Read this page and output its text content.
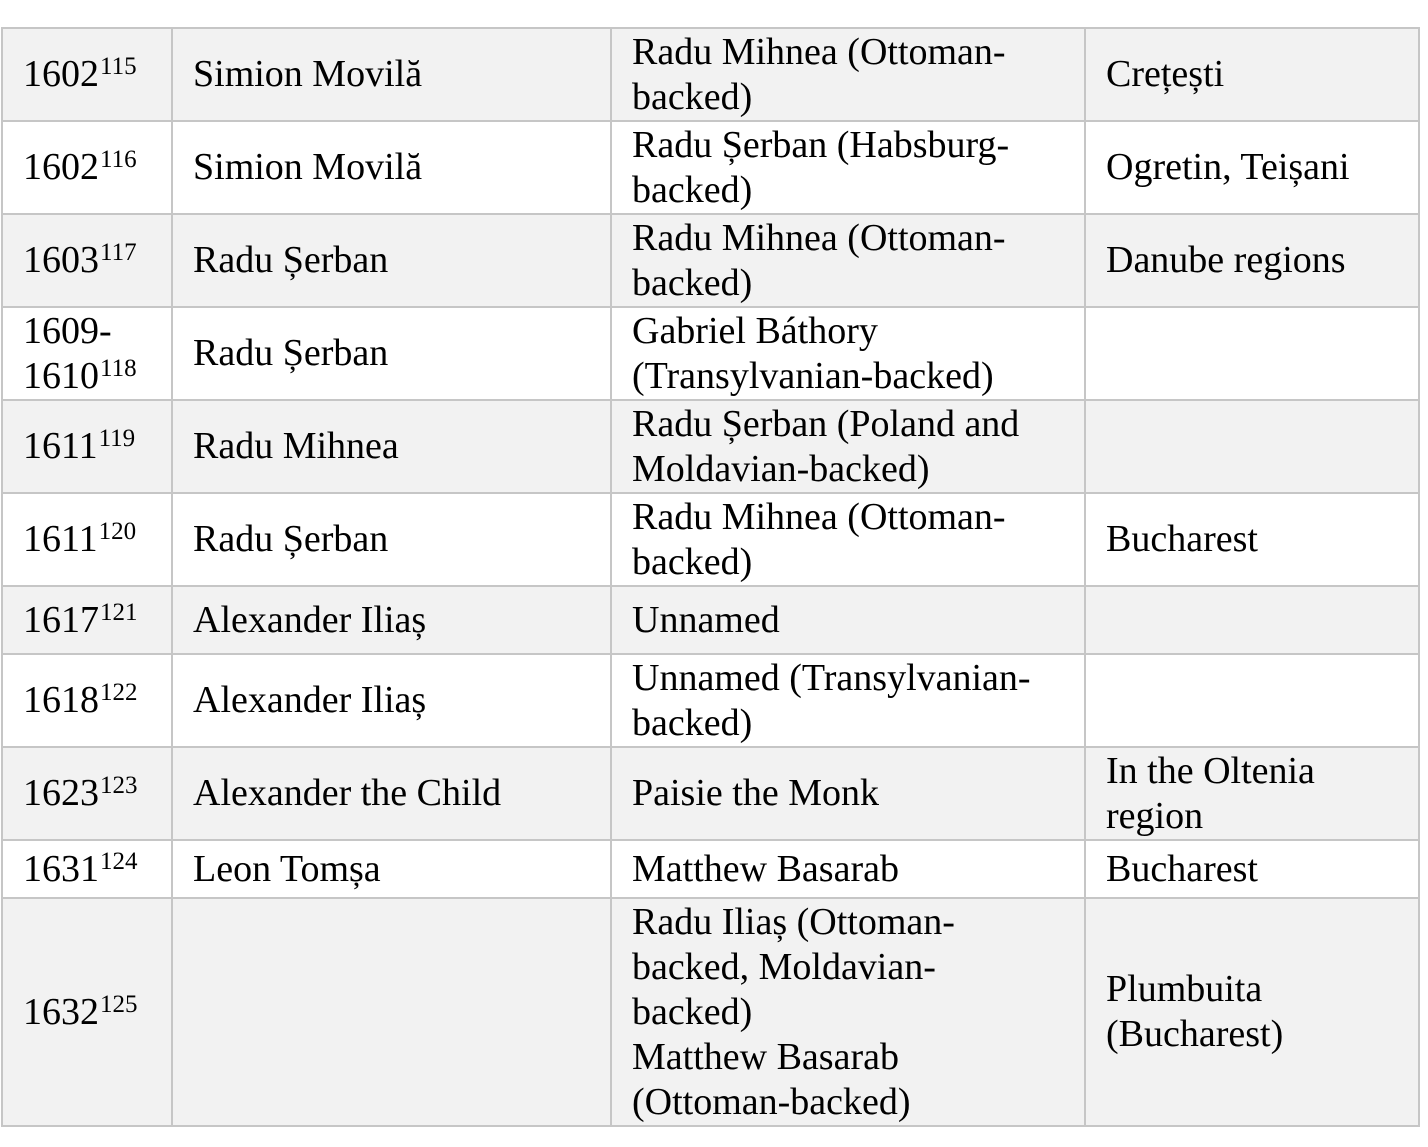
1602$^{115}$	Simion Movilă	Radu Mihnea (Ottoman-
backed)	Crețești

1602$^{116}$	Simion Movilă	Radu Șerban (Habsburg-
backed)	Ogretin, Teișani

1603$^{117}$	Radu Șerban	Radu Mihnea (Ottoman-
backed)	Danube regions

1609-
1610$^{118}$	Radu Șerban	Gabriel Báthory
(Transylvanian-backed)	

1611$^{119}$	Radu Mihnea	Radu Șerban (Poland and
Moldavian-backed)	

1611$^{120}$	Radu Șerban	Radu Mihnea (Ottoman-
backed)	Bucharest

1617$^{121}$	Alexander Iliaș	Unnamed	

1618$^{122}$	Alexander Iliaș	Unnamed (Transylvanian-
backed)	

1623$^{123}$	Alexander the Child	Paisie the Monk	In the Oltenia
region

1631$^{124}$	Leon Tomșa	Matthew Basarab	Bucharest

1632$^{125}$		Radu Iliaș (Ottoman-
backed, Moldavian-
backed)
Matthew Basarab
(Ottoman-backed)	Plumbuita
(Bucharest)
